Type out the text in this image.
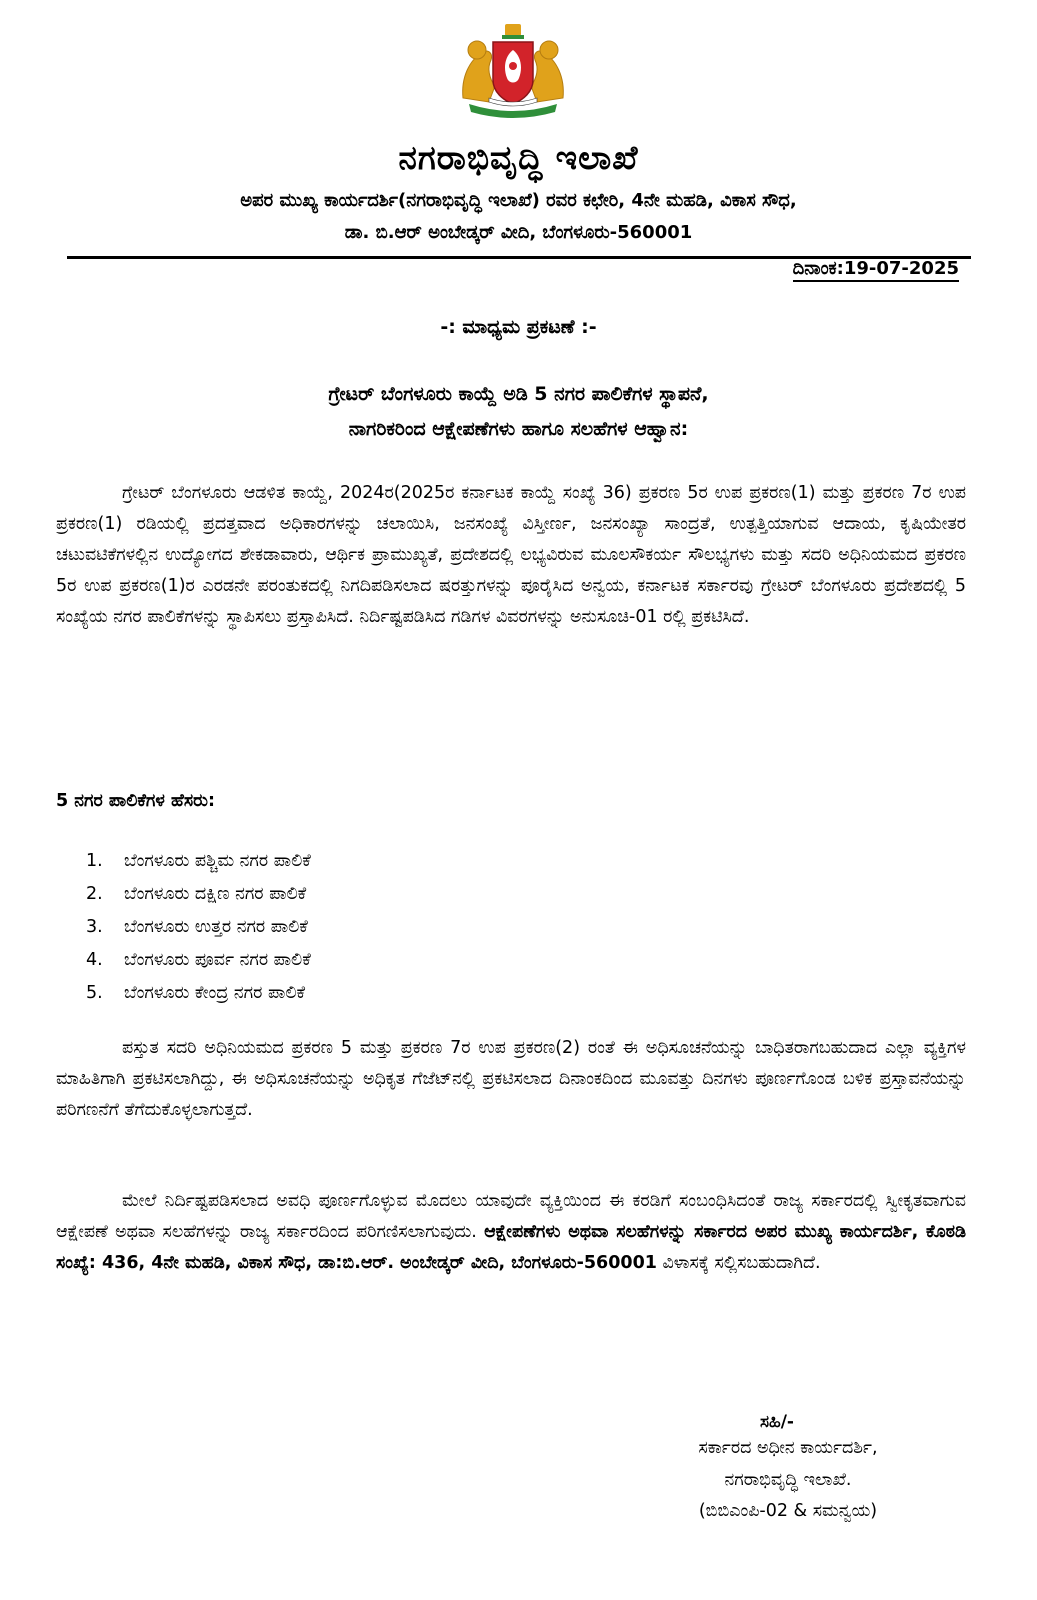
ನಗರಾಭಿವೃದ್ಧಿ ಇಲಾಖೆ
ಅಪರ ಮುಖ್ಯ ಕಾರ್ಯದರ್ಶಿ(ನಗರಾಭಿವೃದ್ಧಿ ಇಲಾಖೆ) ರವರ ಕಛೇರಿ, 4ನೇ ಮಹಡಿ, ವಿಕಾಸ ಸೌಧ,
ಡಾ. ಬಿ.ಆರ್ ಅಂಬೇಡ್ಕರ್ ವೀದಿ, ಬೆಂಗಳೂರು-560001
ದಿನಾಂಕ:19-07-2025
-: ಮಾಧ್ಯಮ ಪ್ರಕಟಣೆ :-
ಗ್ರೇಟರ್ ಬೆಂಗಳೂರು ಕಾಯ್ದೆ ಅಡಿ 5 ನಗರ ಪಾಲಿಕೆಗಳ ಸ್ಥಾಪನೆ,
ನಾಗರಿಕರಿಂದ ಆಕ್ಷೇಪಣೆಗಳು ಹಾಗೂ ಸಲಹೆಗಳ ಆಹ್ವಾನ:

ಗ್ರೇಟರ್ ಬೆಂಗಳೂರು ಆಡಳಿತ ಕಾಯ್ದೆ, 2024ರ(2025ರ ಕರ್ನಾಟಕ ಕಾಯ್ದೆ ಸಂಖ್ಯೆ 36) ಪ್ರಕರಣ 5ರ ಉಪ ಪ್ರಕರಣ(1) ಮತ್ತು ಪ್ರಕರಣ 7ರ ಉಪ ಪ್ರಕರಣ(1) ರಡಿಯಲ್ಲಿ ಪ್ರದತ್ತವಾದ ಅಧಿಕಾರಗಳನ್ನು ಚಲಾಯಿಸಿ, ಜನಸಂಖ್ಯೆ ವಿಸ್ತೀರ್ಣ, ಜನಸಂಖ್ಯಾ ಸಾಂದ್ರತೆ, ಉತ್ಪತ್ತಿಯಾಗುವ ಆದಾಯ, ಕೃಷಿಯೇತರ ಚಟುವಟಿಕೆಗಳಲ್ಲಿನ ಉದ್ಯೋಗದ ಶೇಕಡಾವಾರು, ಆರ್ಥಿಕ ಪ್ರಾಮುಖ್ಯತೆ, ಪ್ರದೇಶದಲ್ಲಿ ಲಭ್ಯವಿರುವ ಮೂಲಸೌಕರ್ಯ ಸೌಲಭ್ಯಗಳು ಮತ್ತು ಸದರಿ ಅಧಿನಿಯಮದ ಪ್ರಕರಣ 5ರ ಉಪ ಪ್ರಕರಣ(1)ರ ಎರಡನೇ ಪರಂತುಕದಲ್ಲಿ ನಿಗದಿಪಡಿಸಲಾದ ಷರತ್ತುಗಳನ್ನು ಪೂರೈಸಿದ ಅನ್ವಯ, ಕರ್ನಾಟಕ ಸರ್ಕಾರವು ಗ್ರೇಟರ್ ಬೆಂಗಳೂರು ಪ್ರದೇಶದಲ್ಲಿ 5 ಸಂಖ್ಯೆಯ ನಗರ ಪಾಲಿಕೆಗಳನ್ನು ಸ್ಥಾಪಿಸಲು ಪ್ರಸ್ತಾಪಿಸಿದೆ. ನಿರ್ದಿಷ್ಟಪಡಿಸಿದ ಗಡಿಗಳ ವಿವರಗಳನ್ನು ಅನುಸೂಚಿ-01 ರಲ್ಲಿ ಪ್ರಕಟಿಸಿದೆ.

5 ನಗರ ಪಾಲಿಕೆಗಳ ಹೆಸರು:
1. ಬೆಂಗಳೂರು ಪಶ್ಚಿಮ ನಗರ ಪಾಲಿಕೆ
2. ಬೆಂಗಳೂರು ದಕ್ಷಿಣ ನಗರ ಪಾಲಿಕೆ
3. ಬೆಂಗಳೂರು ಉತ್ತರ ನಗರ ಪಾಲಿಕೆ
4. ಬೆಂಗಳೂರು ಪೂರ್ವ ನಗರ ಪಾಲಿಕೆ
5. ಬೆಂಗಳೂರು ಕೇಂದ್ರ ನಗರ ಪಾಲಿಕೆ

ಪಸ್ತುತ ಸದರಿ ಅಧಿನಿಯಮದ ಪ್ರಕರಣ 5 ಮತ್ತು ಪ್ರಕರಣ 7ರ ಉಪ ಪ್ರಕರಣ(2) ರಂತೆ ಈ ಅಧಿಸೂಚನೆಯನ್ನು ಬಾಧಿತರಾಗಬಹುದಾದ ಎಲ್ಲಾ ವ್ಯಕ್ತಿಗಳ ಮಾಹಿತಿಗಾಗಿ ಪ್ರಕಟಿಸಲಾಗಿದ್ದು, ಈ ಅಧಿಸೂಚನೆಯನ್ನು ಅಧಿಕೃತ ಗೆಜೆಟ್‌ನಲ್ಲಿ ಪ್ರಕಟಿಸಲಾದ ದಿನಾಂಕದಿಂದ ಮೂವತ್ತು ದಿನಗಳು ಪೂರ್ಣಗೊಂಡ ಬಳಿಕ ಪ್ರಸ್ತಾವನೆಯನ್ನು ಪರಿಗಣನೆಗೆ ತೆಗೆದುಕೊಳ್ಳಲಾಗುತ್ತದೆ.

ಮೇಲೆ ನಿರ್ದಿಷ್ಟಪಡಿಸಲಾದ ಅವಧಿ ಪೂರ್ಣಗೊಳ್ಳುವ ಮೊದಲು ಯಾವುದೇ ವ್ಯಕ್ತಿಯಿಂದ ಈ ಕರಡಿಗೆ ಸಂಬಂಧಿಸಿದಂತೆ ರಾಜ್ಯ ಸರ್ಕಾರದಲ್ಲಿ ಸ್ವೀಕೃತವಾಗುವ ಆಕ್ಷೇಪಣೆ ಅಥವಾ ಸಲಹೆಗಳನ್ನು ರಾಜ್ಯ ಸರ್ಕಾರದಿಂದ ಪರಿಗಣಿಸಲಾಗುವುದು. ಆಕ್ಷೇಪಣೆಗಳು ಅಥವಾ ಸಲಹೆಗಳನ್ನು ಸರ್ಕಾರದ ಅಪರ ಮುಖ್ಯ ಕಾರ್ಯದರ್ಶಿ, ಕೊಠಡಿ ಸಂಖ್ಯೆ: 436, 4ನೇ ಮಹಡಿ, ವಿಕಾಸ ಸೌಧ, ಡಾ:ಬಿ.ಆರ್. ಅಂಬೇಡ್ಕರ್ ವೀದಿ, ಬೆಂಗಳೂರು-560001 ವಿಳಾಸಕ್ಕೆ ಸಲ್ಲಿಸಬಹುದಾಗಿದೆ.

ಸಹಿ/-
ಸರ್ಕಾರದ ಅಧೀನ ಕಾರ್ಯದರ್ಶಿ,
ನಗರಾಭಿವೃದ್ಧಿ ಇಲಾಖೆ.
(ಬಿಬಿಎಂಪಿ-02 & ಸಮನ್ವಯ)
